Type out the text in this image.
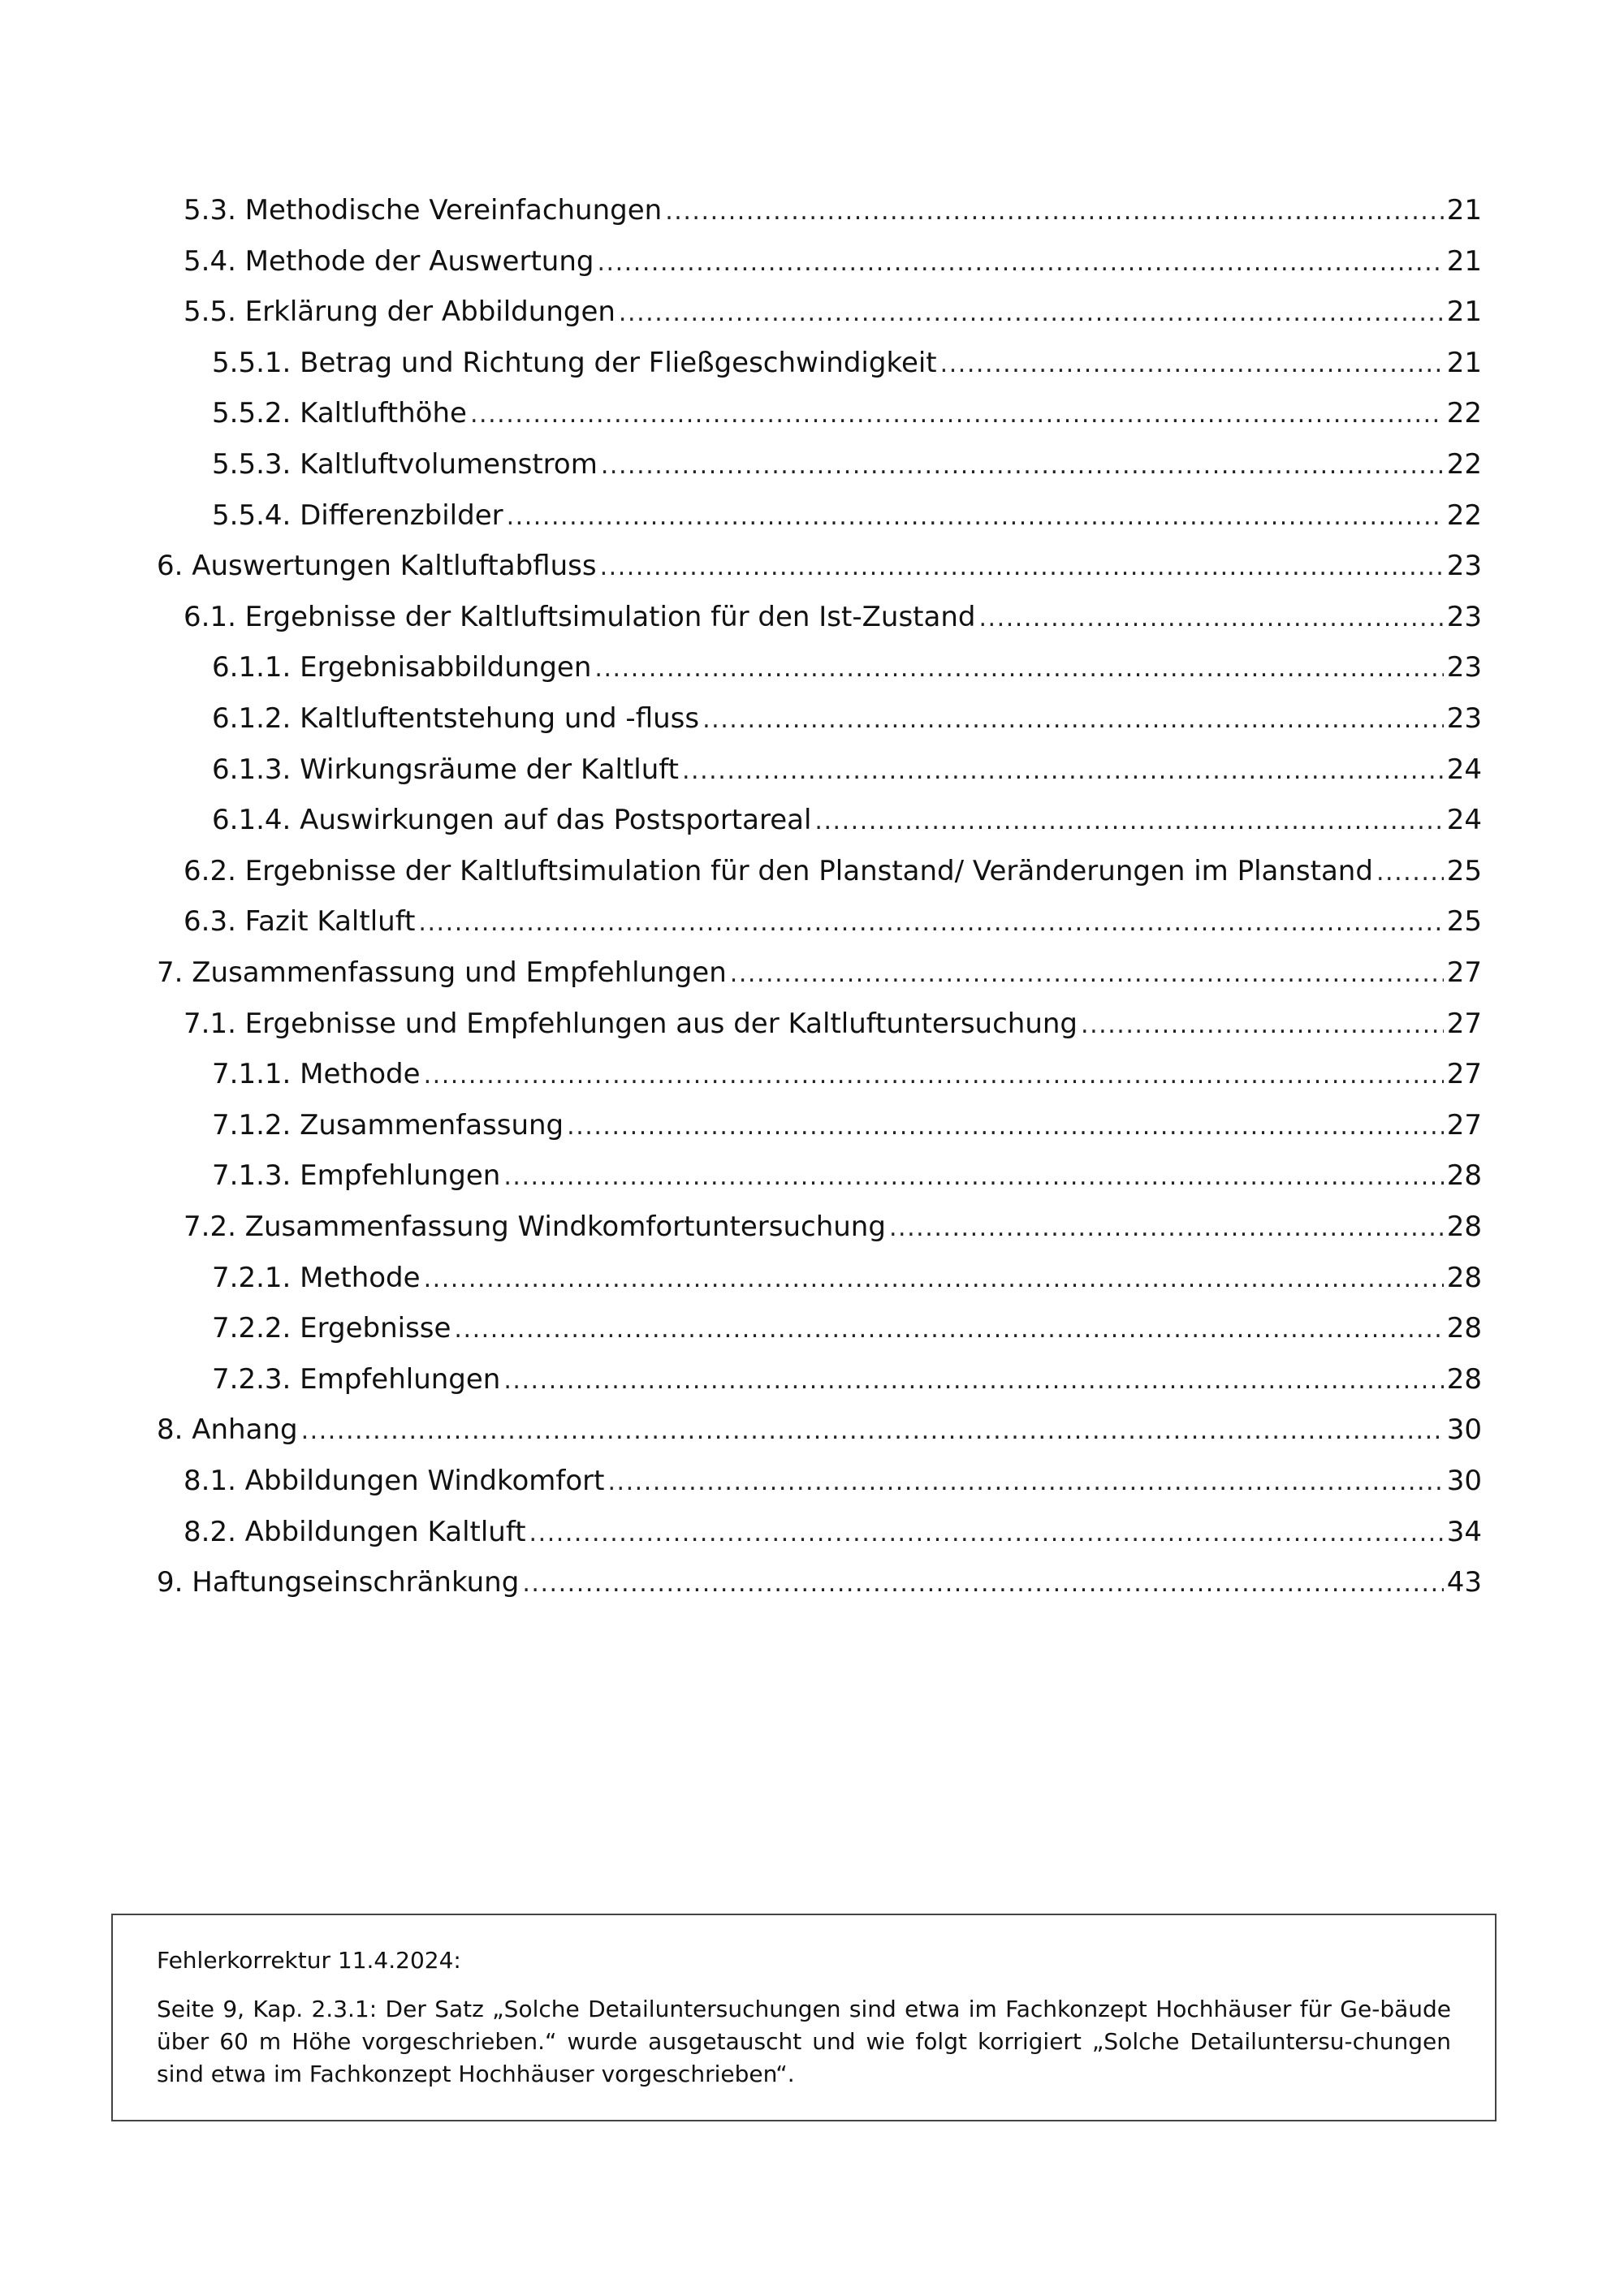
5.3. Methodische Vereinfachungen . . .	21
5.4. Methode der Auswertung . . .	21
5.5. Erklärung der Abbildungen . . .	21
5.5.1. Betrag und Richtung der Fließgeschwindigkeit . . .	21
5.5.2. Kaltlufthöhe . . .	22
5.5.3. Kaltluftvolumenstrom . . .	22
5.5.4. Differenzbilder . . .	22
6. Auswertungen Kaltluftabfluss . . .	23
6.1. Ergebnisse der Kaltluftsimulation für den Ist-Zustand . . .	23
6.1.1. Ergebnisabbildungen . . .	23
6.1.2. Kaltluftentstehung und -fluss . . .	23
6.1.3. Wirkungsräume der Kaltluft . . .	24
6.1.4. Auswirkungen auf das Postsportareal . . .	24
6.2. Ergebnisse der Kaltluftsimulation für den Planstand/ Veränderungen im Planstand . . .	25
6.3. Fazit Kaltluft . . .	25
7. Zusammenfassung und Empfehlungen . . .	27
7.1. Ergebnisse und Empfehlungen aus der Kaltluftuntersuchung . . .	27
7.1.1. Methode . . .	27
7.1.2. Zusammenfassung . . .	27
7.1.3. Empfehlungen . . .	28
7.2. Zusammenfassung Windkomfortuntersuchung . . .	28
7.2.1. Methode . . .	28
7.2.2. Ergebnisse . . .	28
7.2.3. Empfehlungen . . .	28
8. Anhang . . .	30
8.1. Abbildungen Windkomfort . . .	30
8.2. Abbildungen Kaltluft . . .	34
9. Haftungseinschränkung . . .	43
Fehlerkorrektur 11.4.2024:

Seite 9, Kap. 2.3.1: Der Satz „Solche Detailuntersuchungen sind etwa im Fachkonzept Hochhäuser für Ge-bäude über 60 m Höhe vorgeschrieben.“ wurde ausgetauscht und wie folgt korrigiert „Solche Detailuntersu-chungen sind etwa im Fachkonzept Hochhäuser vorgeschrieben“.
